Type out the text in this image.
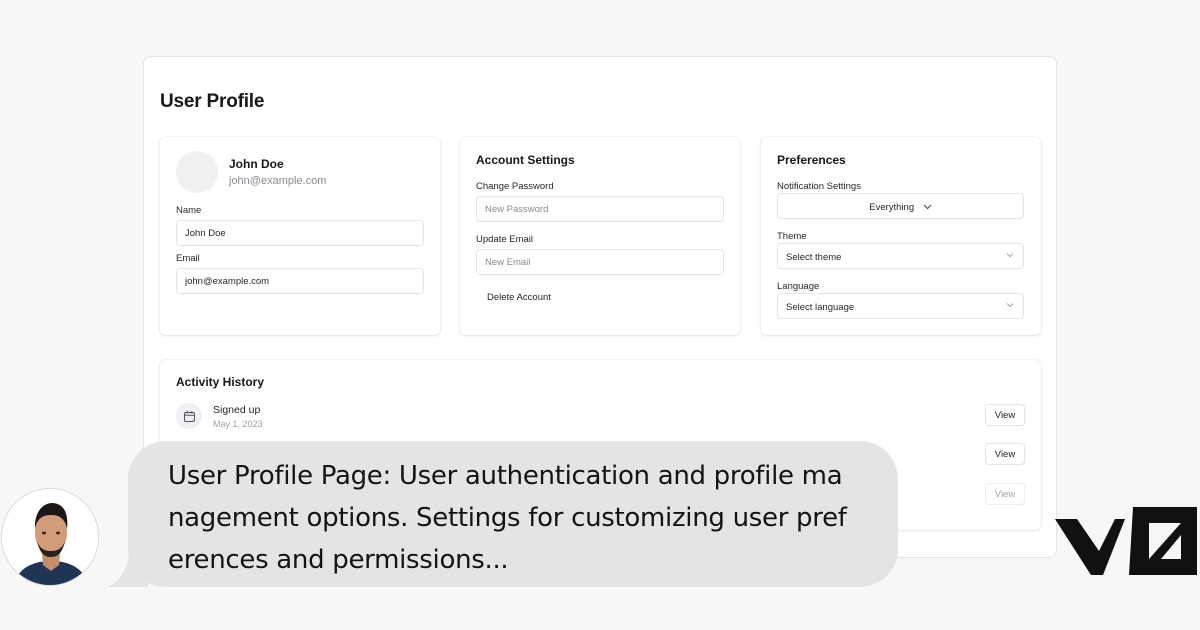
User Profile
John Doe
john@example.com
Name
John Doe
Email
john@example.com
Account Settings
Change Password
Update Email
New Email
Delete Account
Preferences
Notification Settings
Everything
Theme
Select theme
Language
Select language
Activity History
Signed up
May 1, 2023
View
View
View
User Profile Page: User authentication and profile management options. Settings for customizing user preferences and permissions...
